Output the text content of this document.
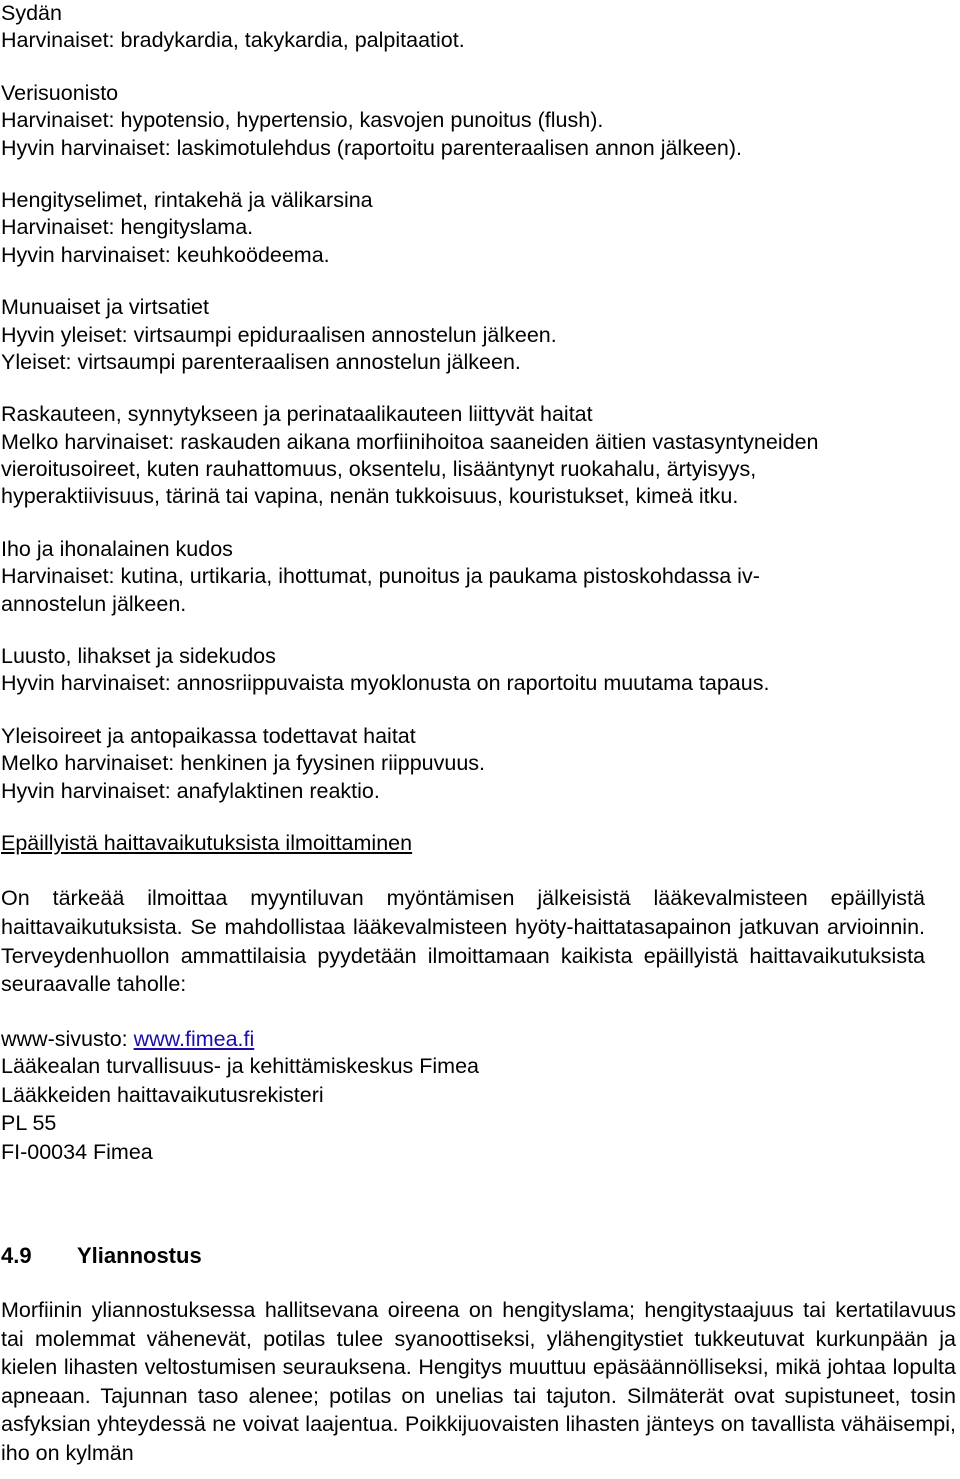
Sydän
Harvinaiset: bradykardia, takykardia, palpitaatiot.
Verisuonisto
Harvinaiset: hypotensio, hypertensio, kasvojen punoitus (flush).
Hyvin harvinaiset: laskimotulehdus (raportoitu parenteraalisen annon jälkeen).
Hengityselimet, rintakehä ja välikarsina
Harvinaiset: hengityslama.
Hyvin harvinaiset: keuhkoödeema.
Munuaiset ja virtsatiet
Hyvin yleiset: virtsaumpi epiduraalisen annostelun jälkeen.
Yleiset: virtsaumpi parenteraalisen annostelun jälkeen.
Raskauteen, synnytykseen ja perinataalikauteen liittyvät haitat
Melko harvinaiset: raskauden aikana morfiinihoitoa saaneiden äitien vastasyntyneiden
vieroitusoireet, kuten rauhattomuus, oksentelu, lisääntynyt ruokahalu, ärtyisyys,
hyperaktiivisuus, tärinä tai vapina, nenän tukkoisuus, kouristukset, kimeä itku.
Iho ja ihonalainen kudos
Harvinaiset: kutina, urtikaria, ihottumat, punoitus ja paukama pistoskohdassa iv-
annostelun jälkeen.
Luusto, lihakset ja sidekudos
Hyvin harvinaiset: annosriippuvaista myoklonusta on raportoitu muutama tapaus.
Yleisoireet ja antopaikassa todettavat haitat
Melko harvinaiset: henkinen ja fyysinen riippuvuus.
Hyvin harvinaiset: anafylaktinen reaktio.
Epäillyistä haittavaikutuksista ilmoittaminen

On tärkeää ilmoittaa myyntiluvan myöntämisen jälkeisistä lääkevalmisteen epäillyistä haittavaikutuksista. Se mahdollistaa lääkevalmisteen hyöty-haittatasapainon jatkuvan arvioinnin. Terveydenhuollon ammattilaisia pyydetään ilmoittamaan kaikista epäillyistä haittavaikutuksista seuraavalle taholle:

www-sivusto: www.fimea.fi
Lääkealan turvallisuus- ja kehittämiskeskus Fimea
Lääkkeiden haittavaikutusrekisteri
PL 55
FI-00034 Fimea
4.9 Yliannostus

Morfiinin yliannostuksessa hallitsevana oireena on hengityslama; hengitystaajuus tai kertatilavuus tai molemmat vähenevät, potilas tulee syanoottiseksi, ylähengitystiet tukkeutuvat kurkunpään ja kielen lihasten veltostumisen seurauksena. Hengitys muuttuu epäsäännölliseksi, mikä johtaa lopulta apneaan. Tajunnan taso alenee; potilas on unelias tai tajuton. Silmäterät ovat supistuneet, tosin asfyksian yhteydessä ne voivat laajentua. Poikkijuovaisten lihasten jänteys on tavallista vähäisempi, iho on kylmän
